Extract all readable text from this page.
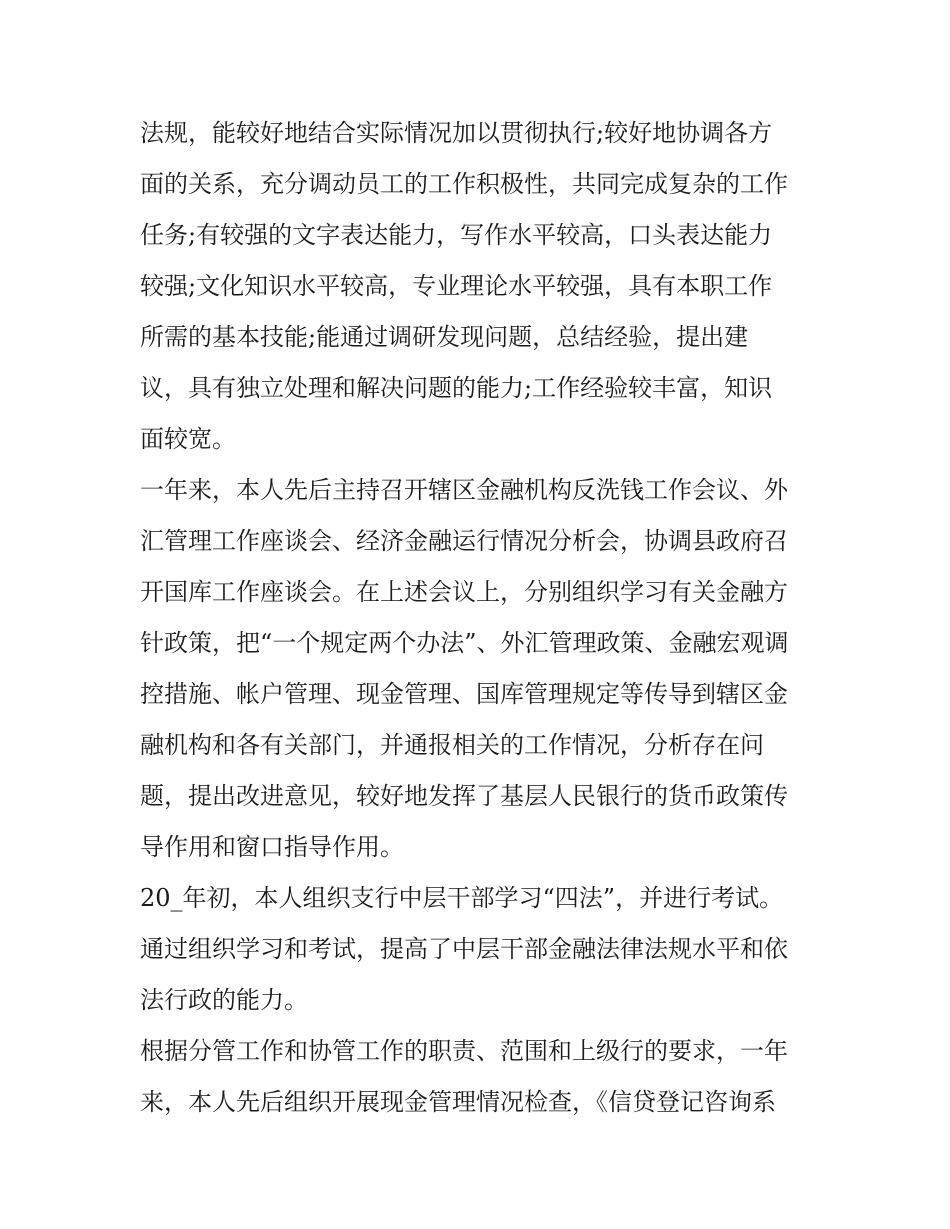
法规，能较好地结合实际情况加以贯彻执行;较好地协调各方
面的关系，充分调动员工的工作积极性，共同完成复杂的工作
任务;有较强的文字表达能力，写作水平较高，口头表达能力
较强;文化知识水平较高，专业理论水平较强，具有本职工作
所需的基本技能;能通过调研发现问题，总结经验，提出建
议，具有独立处理和解决问题的能力;工作经验较丰富，知识
面较宽。
一年来，本人先后主持召开辖区金融机构反洗钱工作会议、外
汇管理工作座谈会、经济金融运行情况分析会，协调县政府召
开国库工作座谈会。在上述会议上，分别组织学习有关金融方
针政策，把“一个规定两个办法”、外汇管理政策、金融宏观调
控措施、帐户管理、现金管理、国库管理规定等传导到辖区金
融机构和各有关部门，并通报相关的工作情况，分析存在问
题，提出改进意见，较好地发挥了基层人民银行的货币政策传
导作用和窗口指导作用。
20_年初，本人组织支行中层干部学习“四法”，并进行考试。
通过组织学习和考试，提高了中层干部金融法律法规水平和依
法行政的能力。
根据分管工作和协管工作的职责、范围和上级行的要求，一年
来，本人先后组织开展现金管理情况检查，《信贷登记咨询系
